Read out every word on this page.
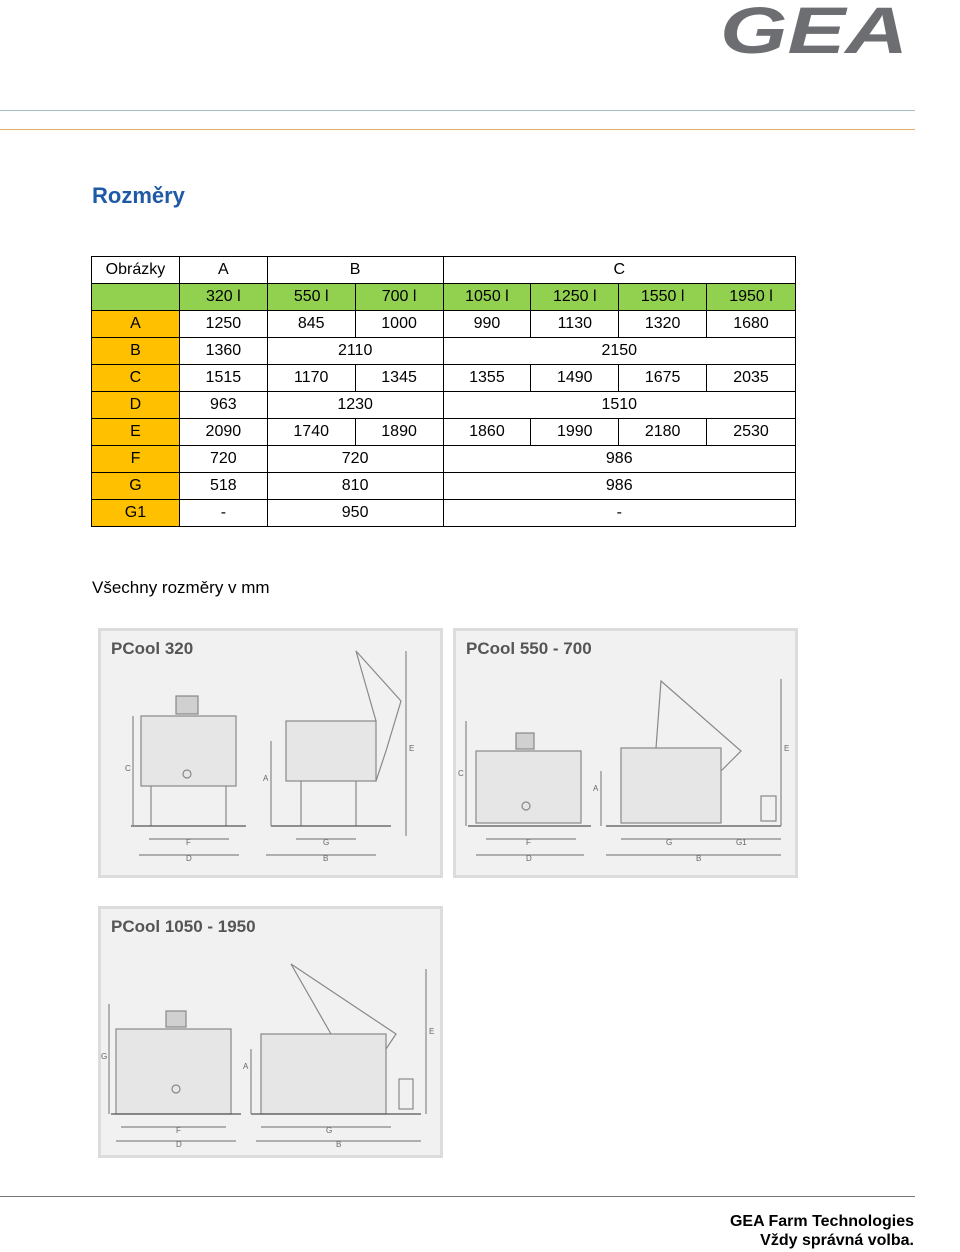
GEA
Rozměry
Obrázky	A	B		C			
	320 l	550 l	700 l	1050 l	1250 l	1550 l	1950 l
A	1250	845	1000	990	1130	1320	1680
B	1360	2110		2150			
C	1515	1170	1345	1355	1490	1675	2035
D	963	1230		1510			
E	2090	1740	1890	1860	1990	2180	2530
F	720	720		986			
G	518	810		986			
G1	-	950		-			

Všechny rozměry v mm

C
F
D
A
G
B
E
PCool 320
C
F
D
A
G	G1
B
E
PCool 550 - 700
G
F
D
A
G
B
E
PCool 1050 - 1950
GEA Farm Technologies
Vždy správná volba.
